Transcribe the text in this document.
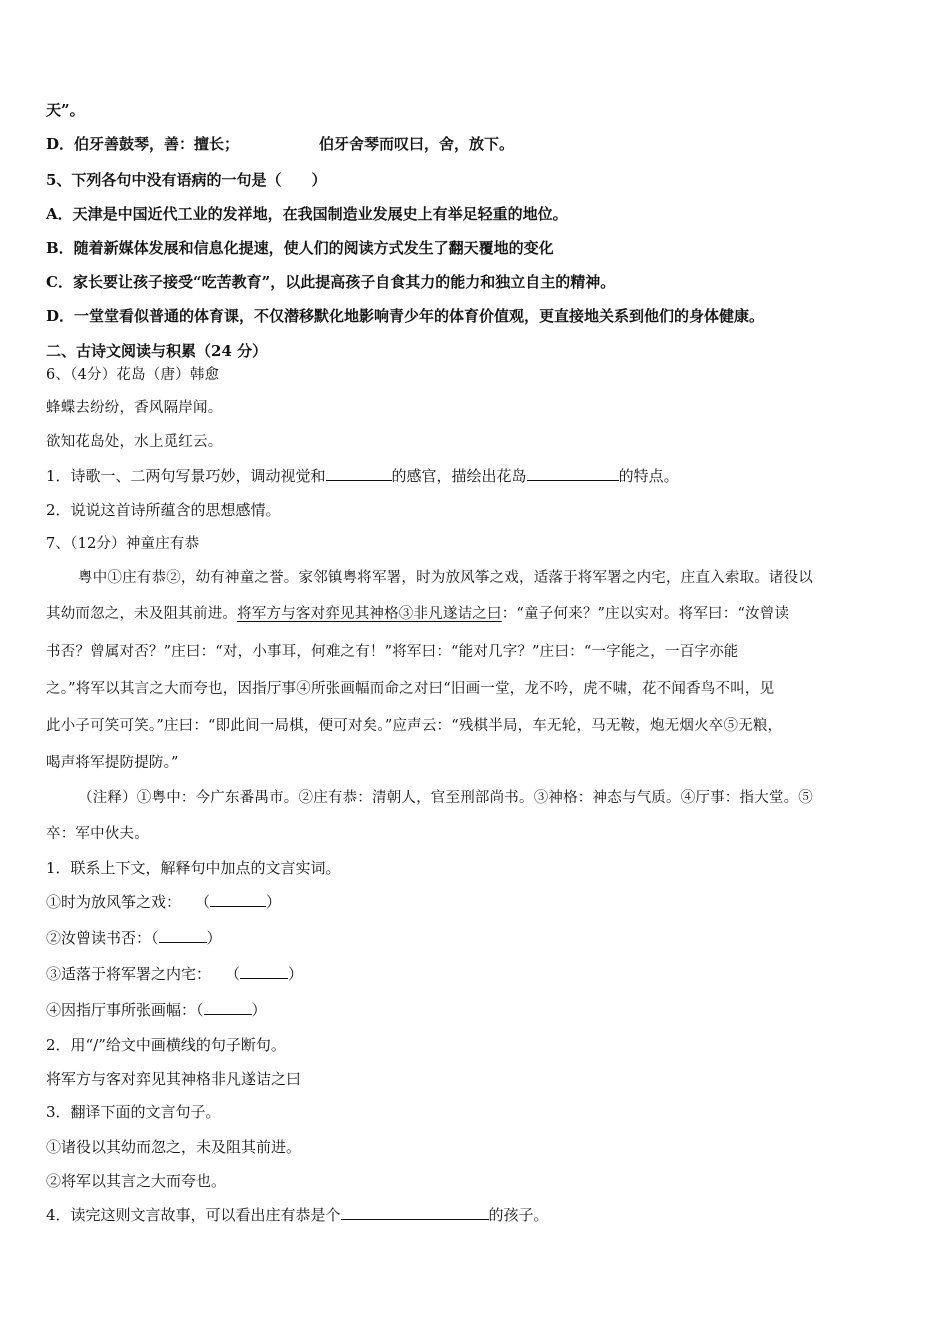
天”。
D．伯牙善鼓琴，善：擅长；	伯牙舍琴而叹曰，舍，放下。
5、下列各句中没有语病的一句是（　　）
A．天津是中国近代工业的发祥地，在我国制造业发展史上有举足轻重的地位。
B．随着新媒体发展和信息化提速，使人们的阅读方式发生了翻天覆地的变化
C．家长要让孩子接受“吃苦教育”，以此提高孩子自食其力的能力和独立自主的精神。
D．一堂堂看似普通的体育课，不仅潜移默化地影响青少年的体育价值观，更直接地关系到他们的身体健康。
二、古诗文阅读与积累（24 分）
6、（4分）花岛（唐）韩愈
蜂蝶去纷纷，香风隔岸闻。
欲知花岛处，水上觅红云。
1．诗歌一、二两句写景巧妙，调动视觉和	的感官，描绘出花岛	的特点。
2．说说这首诗所蕴含的思想感情。
7、（12分）神童庄有恭
粤中①庄有恭②，幼有神童之誉。家邻镇粤将军署，时为放风筝之戏，适落于将军署之内宅，庄直入索取。诸役以
其幼而忽之，未及阻其前进。将军方与客对弈见其神格③非凡遂诘之曰：“童子何来？”庄以实对。将军曰：“汝曾读
书否？曾属对否？”庄曰：“对，小事耳，何难之有！”将军曰：“能对几字？”庄曰：“一字能之，一百字亦能
之。”将军以其言之大而夸也，因指厅事④所张画幅而命之对曰“旧画一堂，龙不吟，虎不啸，花不闻香鸟不叫，见
此小子可笑可笑。”庄曰：“即此间一局棋，便可对矣。”应声云：“残棋半局，车无轮，马无鞍，炮无烟火卒⑤无粮，
喝声将军提防提防。”
（注释）①粤中：今广东番禺市。②庄有恭：清朝人，官至刑部尚书。③神格：神态与气质。④厅事：指大堂。⑤
卒：军中伙夫。
1．联系上下文，解释句中加点的文言实词。
①时为放风筝之戏： （	）
②汝曾读书否：（	）
③适落于将军署之内宅： （	）
④因指厅事所张画幅：（	）
2．用“/”给文中画横线的句子断句。
将军方与客对弈见其神格非凡遂诘之曰
3．翻译下面的文言句子。
①诸役以其幼而忽之，未及阻其前进。
②将军以其言之大而夸也。
4．读完这则文言故事，可以看出庄有恭是个	的孩子。
